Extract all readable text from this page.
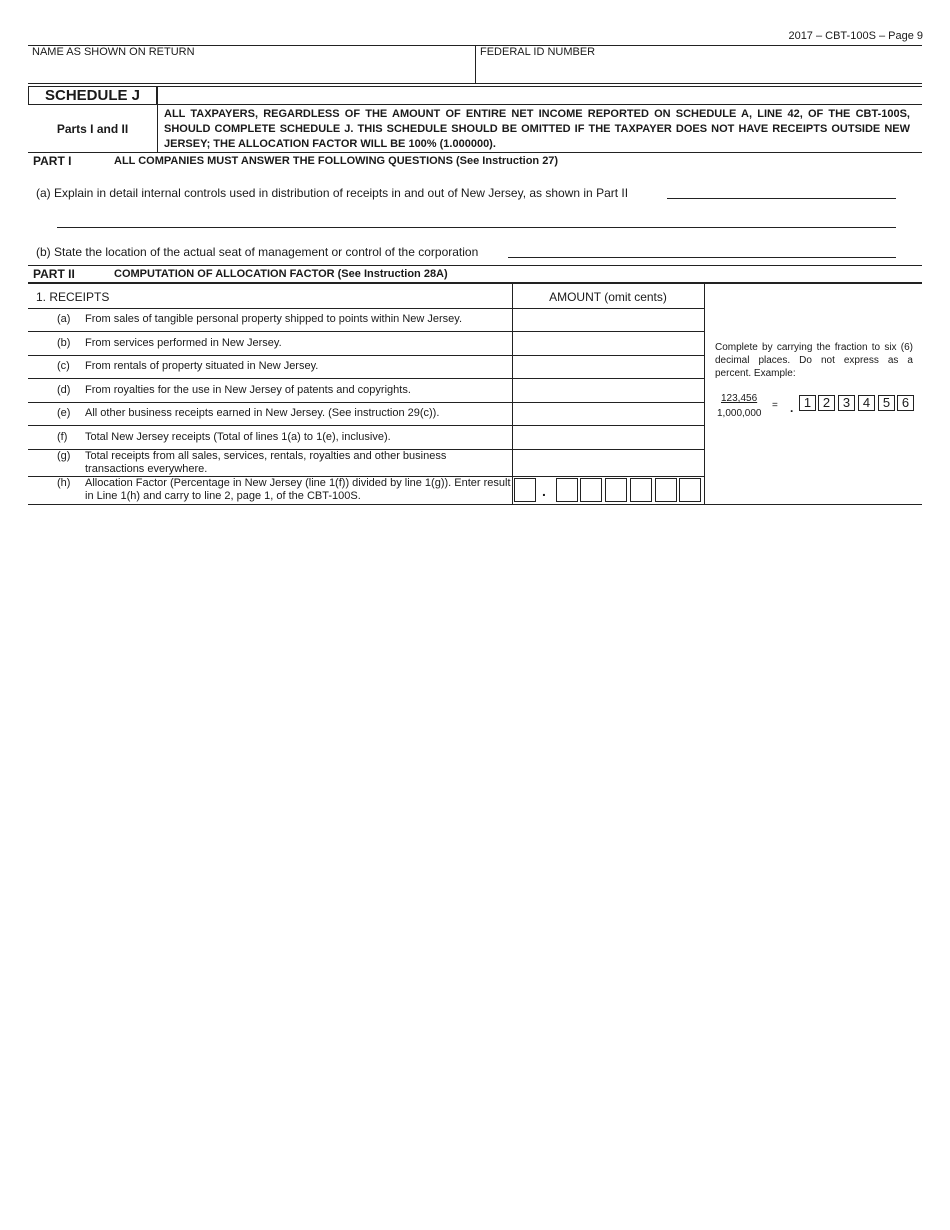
2017 – CBT-100S – Page 9
NAME AS SHOWN ON RETURN	FEDERAL ID NUMBER
SCHEDULE J
Parts I and II
ALL TAXPAYERS, REGARDLESS OF THE AMOUNT OF ENTIRE NET INCOME REPORTED ON SCHEDULE A, LINE 42, OF THE CBT-100S, SHOULD COMPLETE SCHEDULE J. THIS SCHEDULE SHOULD BE OMITTED IF THE TAXPAYER DOES NOT HAVE RECEIPTS OUTSIDE NEW JERSEY; THE ALLOCATION FACTOR WILL BE 100% (1.000000).
PART I	ALL COMPANIES MUST ANSWER THE FOLLOWING QUESTIONS (See Instruction 27)
(a) Explain in detail internal controls used in distribution of receipts in and out of New Jersey, as shown in Part II
(b) State the location of the actual seat of management or control of the corporation
PART II	COMPUTATION OF ALLOCATION FACTOR (See Instruction 28A)
1. RECEIPTS	AMOUNT (omit cents)
(a) From sales of tangible personal property shipped to points within New Jersey.
(b) From services performed in New Jersey.
(c) From rentals of property situated in New Jersey.
(d) From royalties for the use in New Jersey of patents and copyrights.
(e) All other business receipts earned in New Jersey. (See instruction 29(c)).
(f) Total New Jersey receipts (Total of lines 1(a) to 1(e), inclusive).
(g) Total receipts from all sales, services, rentals, royalties and other business transactions everywhere.
(h) Allocation Factor (Percentage in New Jersey (line 1(f)) divided by line 1(g)). Enter result in Line 1(h) and carry to line 2, page 1, of the CBT-100S.	.
Complete by carrying the fraction to six (6) decimal places. Do not express as a percent. Example:
123,456
1,000,000
= . 1 2 3 4 5 6
